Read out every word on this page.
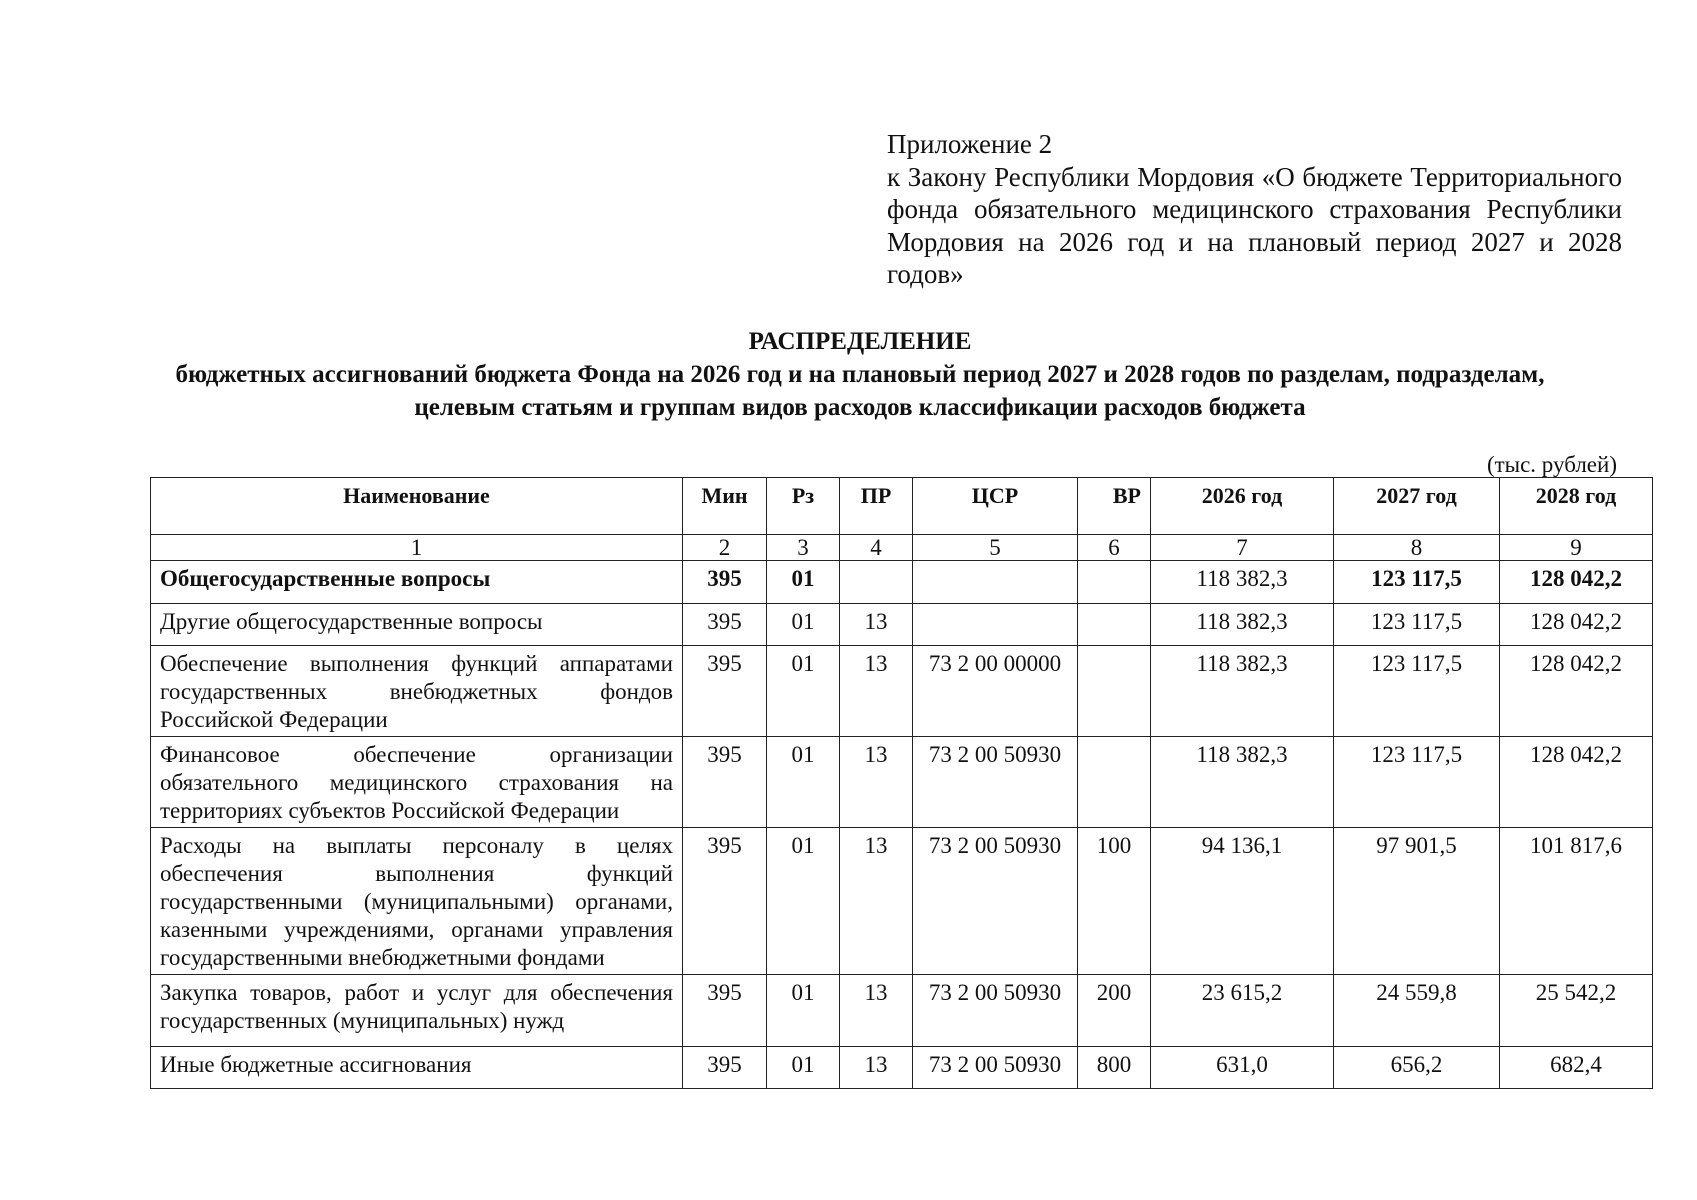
Приложение 2
к Закону Республики Мордовия «О бюджете Территориального фонда обязательного медицинского страхования Республики Мордовия на 2026 год и на плановый период 2027 и 2028 годов»
РАСПРЕДЕЛЕНИЕ
бюджетных ассигнований бюджета Фонда на 2026 год и на плановый период 2027 и 2028 годов по разделам, подразделам, целевым статьям и группам видов расходов классификации расходов бюджета
(тыс. рублей)
Наименование	Мин	Рз	ПР	ЦСР	ВР	2026 год	2027 год	2028 год
1	2	3	4	5	6	7	8	9
Общегосударственные вопросы	395	01				118 382,3	123 117,5	128 042,2
Другие общегосударственные вопросы	395	01	13			118 382,3	123 117,5	128 042,2
Обеспечение выполнения функций аппаратами государственных внебюджетных фондов Российской Федерации	395	01	13	73 2 00 00000		118 382,3	123 117,5	128 042,2
Финансовое обеспечение организации обязательного медицинского страхования на территориях субъектов Российской Федерации	395	01	13	73 2 00 50930		118 382,3	123 117,5	128 042,2
Расходы на выплаты персоналу в целях обеспечения выполнения функций государственными (муниципальными) органами, казенными учреждениями, органами управления государственными внебюджетными фондами	395	01	13	73 2 00 50930	100	94 136,1	97 901,5	101 817,6
Закупка товаров, работ и услуг для обеспечения государственных (муниципальных) нужд	395	01	13	73 2 00 50930	200	23 615,2	24 559,8	25 542,2
Иные бюджетные ассигнования	395	01	13	73 2 00 50930	800	631,0	656,2	682,4
